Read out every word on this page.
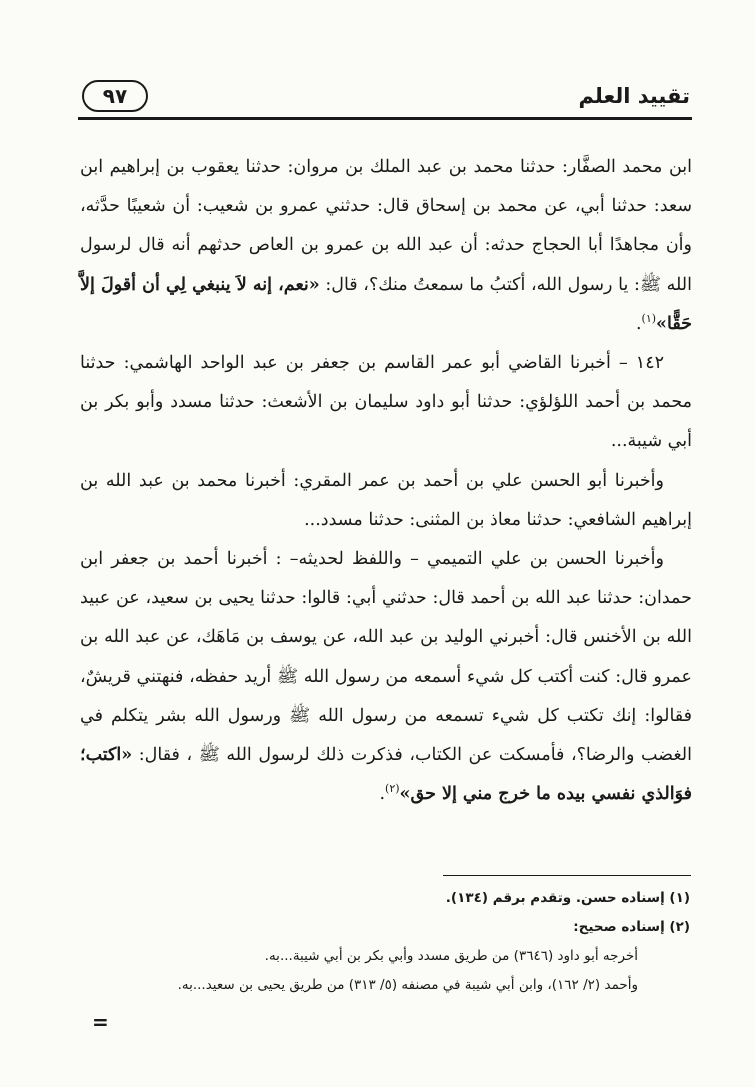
تقييد العلم
٩٧

ابن محمد الصفَّار: حدثنا محمد بن عبد الملك بن مروان: حدثنا يعقوب بن إبراهيم ابن سعد: حدثنا أبي، عن محمد بن إسحاق قال: حدثني عمرو بن شعيب: أن شعيبًا حدَّثه، وأن مجاهدًا أبا الحجاج حدثه: أن عبد الله بن عمرو بن العاص حدثهم أنه قال لرسول الله ﷺ: يا رسول الله، أكتبُ ما سمعتُ منك؟، قال: «نعم، إنه لاَ ينبغي لِي أن أقولَ إلاَّ حَقًّا»$^{(١)}$.

١٤٢ – أخبرنا القاضي أبو عمر القاسم بن جعفر بن عبد الواحد الهاشمي: حدثنا محمد بن أحمد اللؤلؤي: حدثنا أبو داود سليمان بن الأشعث: حدثنا مسدد وأبو بكر بن أبي شيبة...

وأخبرنا أبو الحسن علي بن أحمد بن عمر المقري: أخبرنا محمد بن عبد الله بن إبراهيم الشافعي: حدثنا معاذ بن المثنى: حدثنا مسدد...

وأخبرنا الحسن بن علي التميمي – واللفظ لحديثه– : أخبرنا أحمد بن جعفر ابن حمدان: حدثنا عبد الله بن أحمد قال: حدثني أبي: قالوا: حدثنا يحيى بن سعيد، عن عبيد الله بن الأخنس قال: أخبرني الوليد بن عبد الله، عن يوسف بن مَاهَك، عن عبد الله بن عمرو قال: كنت أكتب كل شيء أسمعه من رسول الله ﷺ أريد حفظه، فنهتني قريشٌ، فقالوا: إنك تكتب كل شيء تسمعه من رسول الله ﷺ ورسول الله بشر يتكلم في الغضب والرضا؟، فأمسكت عن الكتاب، فذكرت ذلك لرسول الله ﷺ ، فقال: «اكتب؛ فوَالذي نفسي بيده ما خرج مني إلا حق»$^{(٢)}$.

(١) إسناده حسن. وتقدم برقم (١٣٤).

(٢) إسناده صحيح:

أخرجه أبو داود (٣٦٤٦) من طريق مسدد وأبي بكر بن أبي شيبة...به.

وأحمد (٢/ ١٦٢)، وابن أبي شيبة في مصنفه (٥/ ٣١٣) من طريق يحيى بن سعيد...به.

=
